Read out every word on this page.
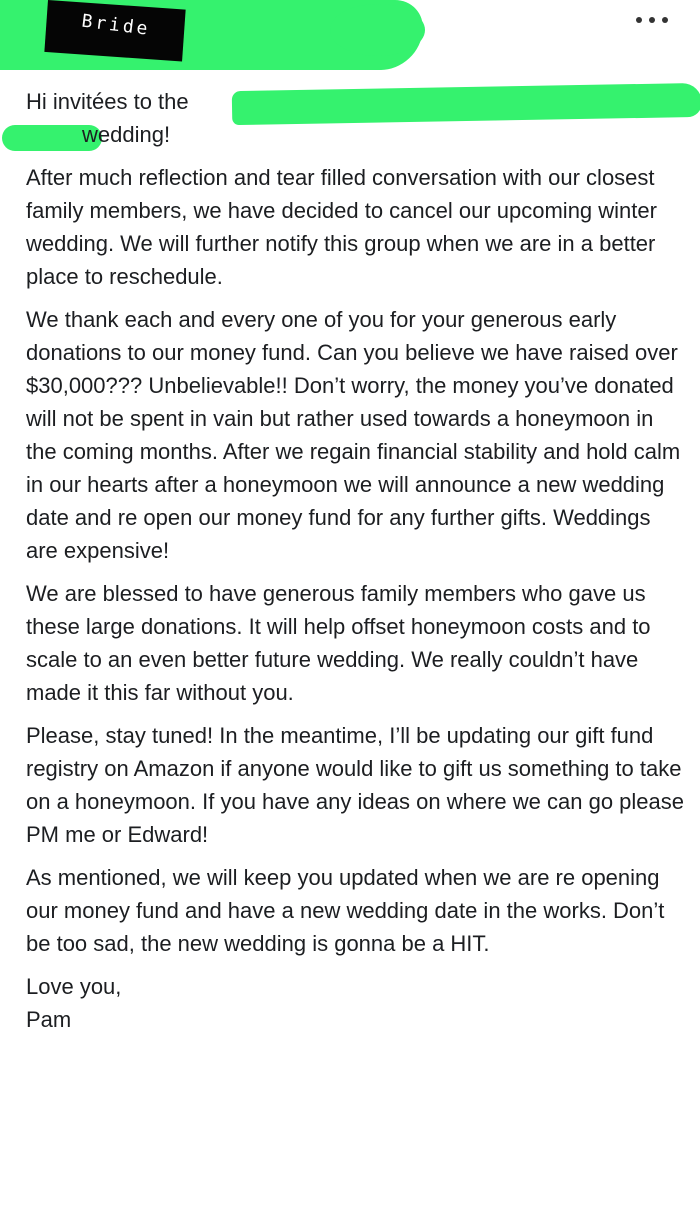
Bride
Hi invitées to the
wedding!

After much reflection and tear filled conversation with our closest family members, we have decided to cancel our upcoming winter wedding. We will further notify this group when we are in a better place to reschedule.

We thank each and every one of you for your generous early donations to our money fund. Can you believe we have raised over $30,000??? Unbelievable!! Don’t worry, the money you’ve donated will not be spent in vain but rather used towards a honeymoon in the coming months. After we regain financial stability and hold calm in our hearts after a honeymoon we will announce a new wedding date and re open our money fund for any further gifts. Weddings are expensive!

We are blessed to have generous family members who gave us these large donations. It will help offset honeymoon costs and to scale to an even better future wedding. We really couldn’t have made it this far without you.

Please, stay tuned! In the meantime, I’ll be updating our gift fund registry on Amazon if anyone would like to gift us something to take on a honeymoon. If you have any ideas on where we can go please PM me or Edward!

As mentioned, we will keep you updated when we are re opening our money fund and have a new wedding date in the works. Don’t be too sad, the new wedding is gonna be a HIT.

Love you,

Pam
